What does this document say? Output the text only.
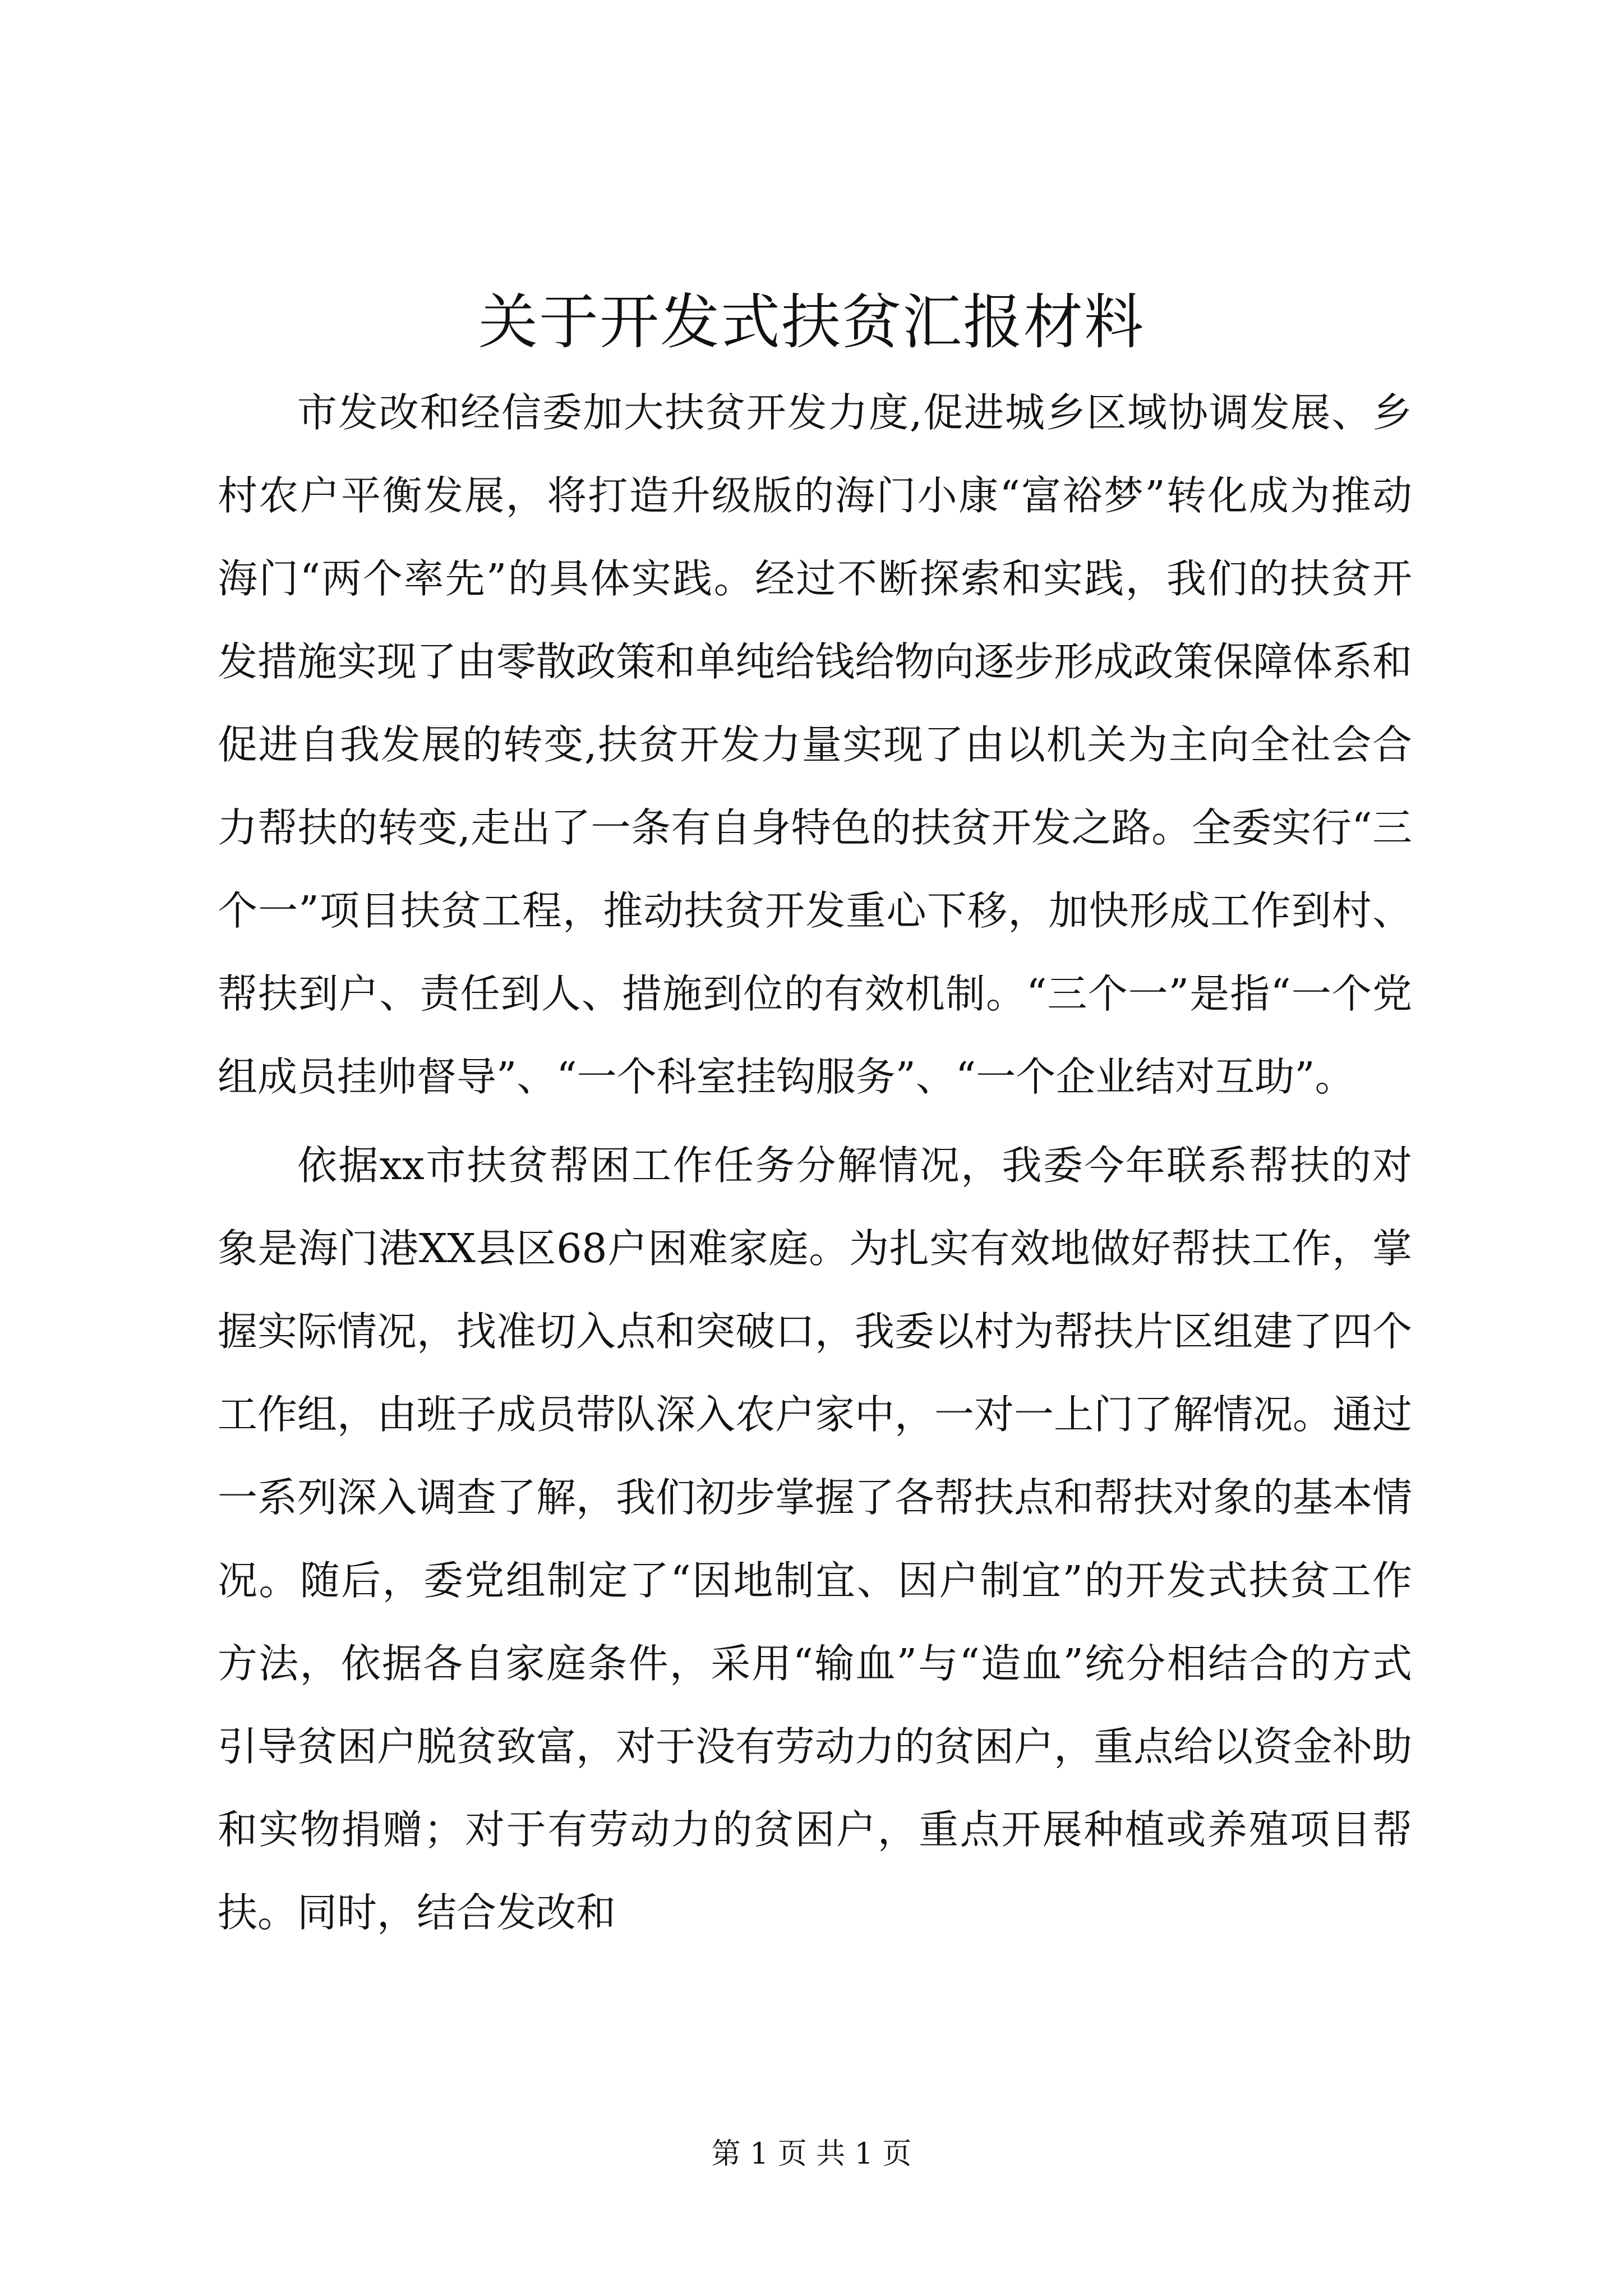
关于开发式扶贫汇报材料

市发改和经信委加大扶贫开发力度,促进城乡区域协调发展、乡村农户平衡发展，将打造升级版的海门小康“富裕梦”转化成为推动海门“两个率先”的具体实践。经过不断探索和实践，我们的扶贫开发措施实现了由零散政策和单纯给钱给物向逐步形成政策保障体系和促进自我发展的转变,扶贫开发力量实现了由以机关为主向全社会合力帮扶的转变,走出了一条有自身特色的扶贫开发之路。全委实行“三个一”项目扶贫工程，推动扶贫开发重心下移，加快形成工作到村、帮扶到户、责任到人、措施到位的有效机制。“三个一”是指“一个党组成员挂帅督导”、“一个科室挂钩服务”、“一个企业结对互助”。

依据xx市扶贫帮困工作任务分解情况，我委今年联系帮扶的对象是海门港XX县区68户困难家庭。为扎实有效地做好帮扶工作，掌握实际情况，找准切入点和突破口，我委以村为帮扶片区组建了四个工作组，由班子成员带队深入农户家中，一对一上门了解情况。通过一系列深入调查了解，我们初步掌握了各帮扶点和帮扶对象的基本情况。随后，委党组制定了“因地制宜、因户制宜”的开发式扶贫工作方法，依据各自家庭条件，采用“输血”与“造血”统分相结合的方式引导贫困户脱贫致富，对于没有劳动力的贫困户，重点给以资金补助和实物捐赠；对于有劳动力的贫困户，重点开展种植或养殖项目帮扶。同时，结合发改和

第 1 页 共 1 页
